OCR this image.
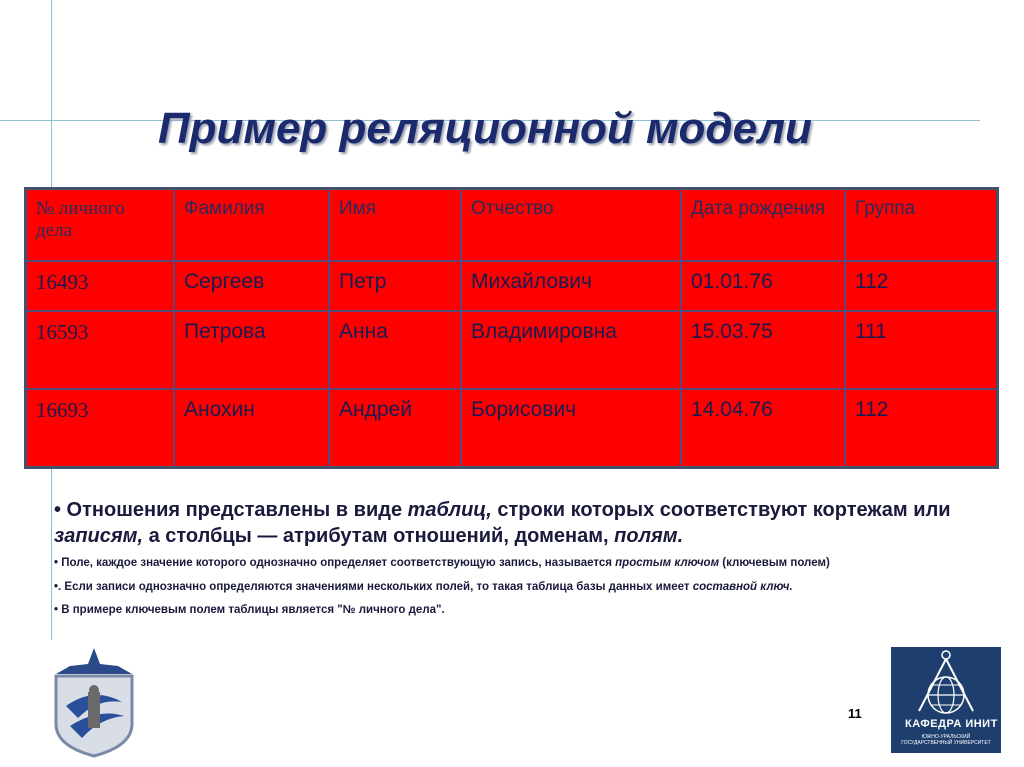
Пример реляционной модели
№ личного дела	Фамилия	Имя	Отчество	Дата рождения	Группа
16493	Сергеев	Петр	Михайлович	01.01.76	112
16593	Петрова	Анна	Владимировна	15.03.75	111
16693	Анохин	Андрей	Борисович	14.04.76	112
• Отношения представлены в виде таблиц, строки которых соответствуют кортежам или записям, а столбцы — атрибутам отношений, доменам, полям.
• Поле, каждое значение которого однозначно определяет соответствующую запись, называется простым ключом (ключевым полем)
•. Если записи однозначно определяются значениями нескольких полей, то такая таблица базы данных имеет составной ключ.
• В примере ключевым полем таблицы является "№ личного дела".
11
КАФЕДРА ИНИТ
ЮЖНО-УРАЛЬСКИЙ ГОСУДАРСТВЕННЫЙ УНИВЕРСИТЕТ
